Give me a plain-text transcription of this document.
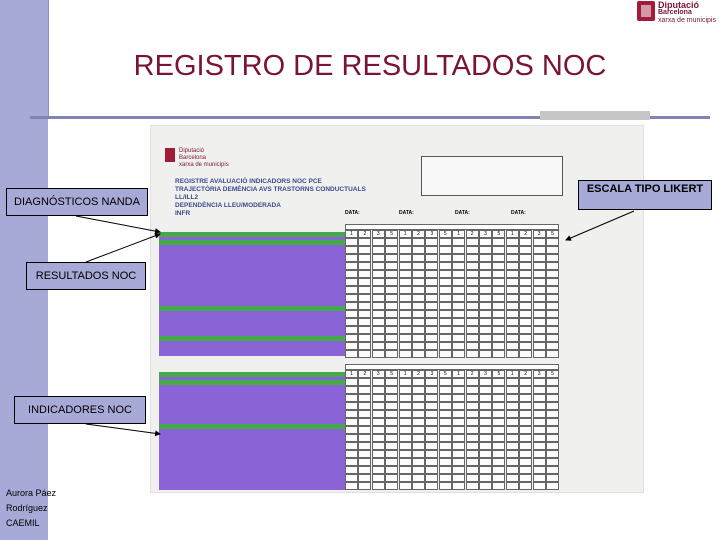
Diputació
Barcelona
xarxa de municipis
REGISTRO DE RESULTADOS NOC
Diputació
Barcelona
xarxa de municipis
REGISTRE AVALUACIÓ INDICADORS NOC PCE
TRAJECTÒRIA DEMÈNCIA AVS TRASTORNS CONDUCTUALS LL/ILL2
DEPENDÈNCIA LLEU/MODERADA
INFR	DATA:	DATA:	DATA:	DATA:
1	2	3	5	1	2	3	5	1	2	3	5	1	2	3	5
1	2	3	5	1	2	3	5	1	2	3	5	1	2	3	5
DIAGNÓSTICOS NANDA
RESULTADOS NOC
INDICADORES NOC
ESCALA TIPO LIKERT
Aurora Páez
Rodríguez
CAEMIL
